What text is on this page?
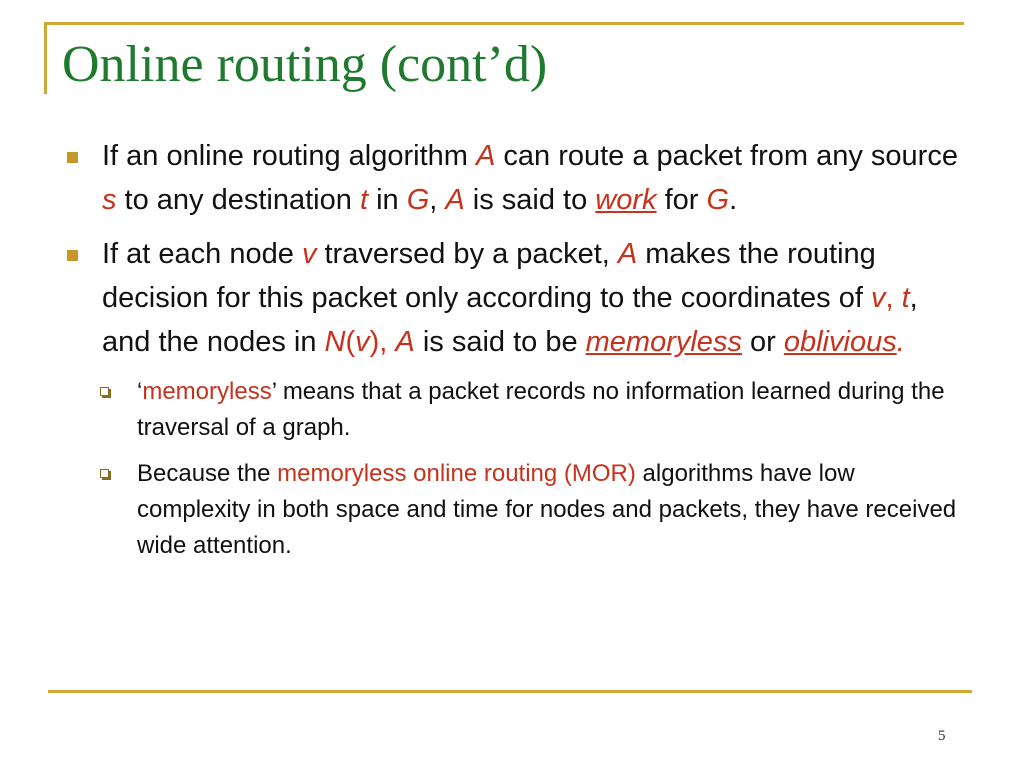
Online routing (cont’d)
If an online routing algorithm A can route a packet from any source s to any destination t in G, A is said to work for G.
If at each node v traversed by a packet, A makes the routing decision for this packet only according to the coordinates of v, t, and the nodes in N(v), A is said to be memoryless or oblivious.
‘memoryless’ means that a packet records no information learned during the traversal of a graph.
Because the memoryless online routing (MOR) algorithms have low complexity in both space and time for nodes and packets, they have received wide attention.
5
